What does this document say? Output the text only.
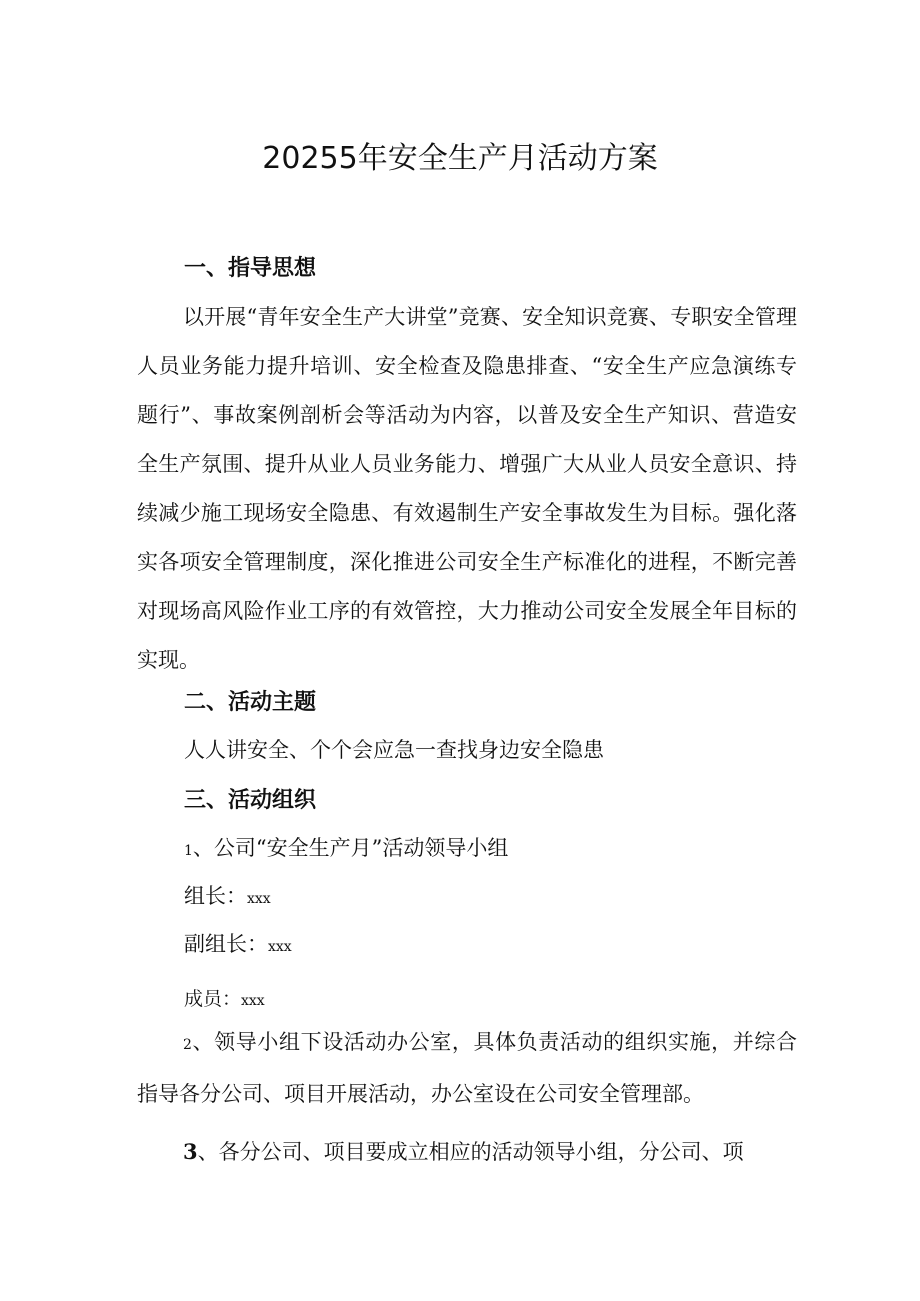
20255年安全生产月活动方案
一、指导思想

以开展“青年安全生产大讲堂”竞赛、安全知识竞赛、专职安全管理人员业务能力提升培训、安全检查及隐患排查、“安全生产应急演练专题行”、事故案例剖析会等活动为内容，以普及安全生产知识、营造安全生产氛围、提升从业人员业务能力、增强广大从业人员安全意识、持续减少施工现场安全隐患、有效遏制生产安全事故发生为目标。强化落实各项安全管理制度，深化推进公司安全生产标准化的进程，不断完善对现场高风险作业工序的有效管控，大力推动公司安全发展全年目标的实现。

二、活动主题

人人讲安全、个个会应急一查找身边安全隐患

三、活动组织

1、公司“安全生产月”活动领导小组

组长：xxx

副组长：xxx

成员：xxx

2、领导小组下设活动办公室，具体负责活动的组织实施，并综合指导各分公司、项目开展活动，办公室设在公司安全管理部。

3、各分公司、项目要成立相应的活动领导小组，分公司、项
